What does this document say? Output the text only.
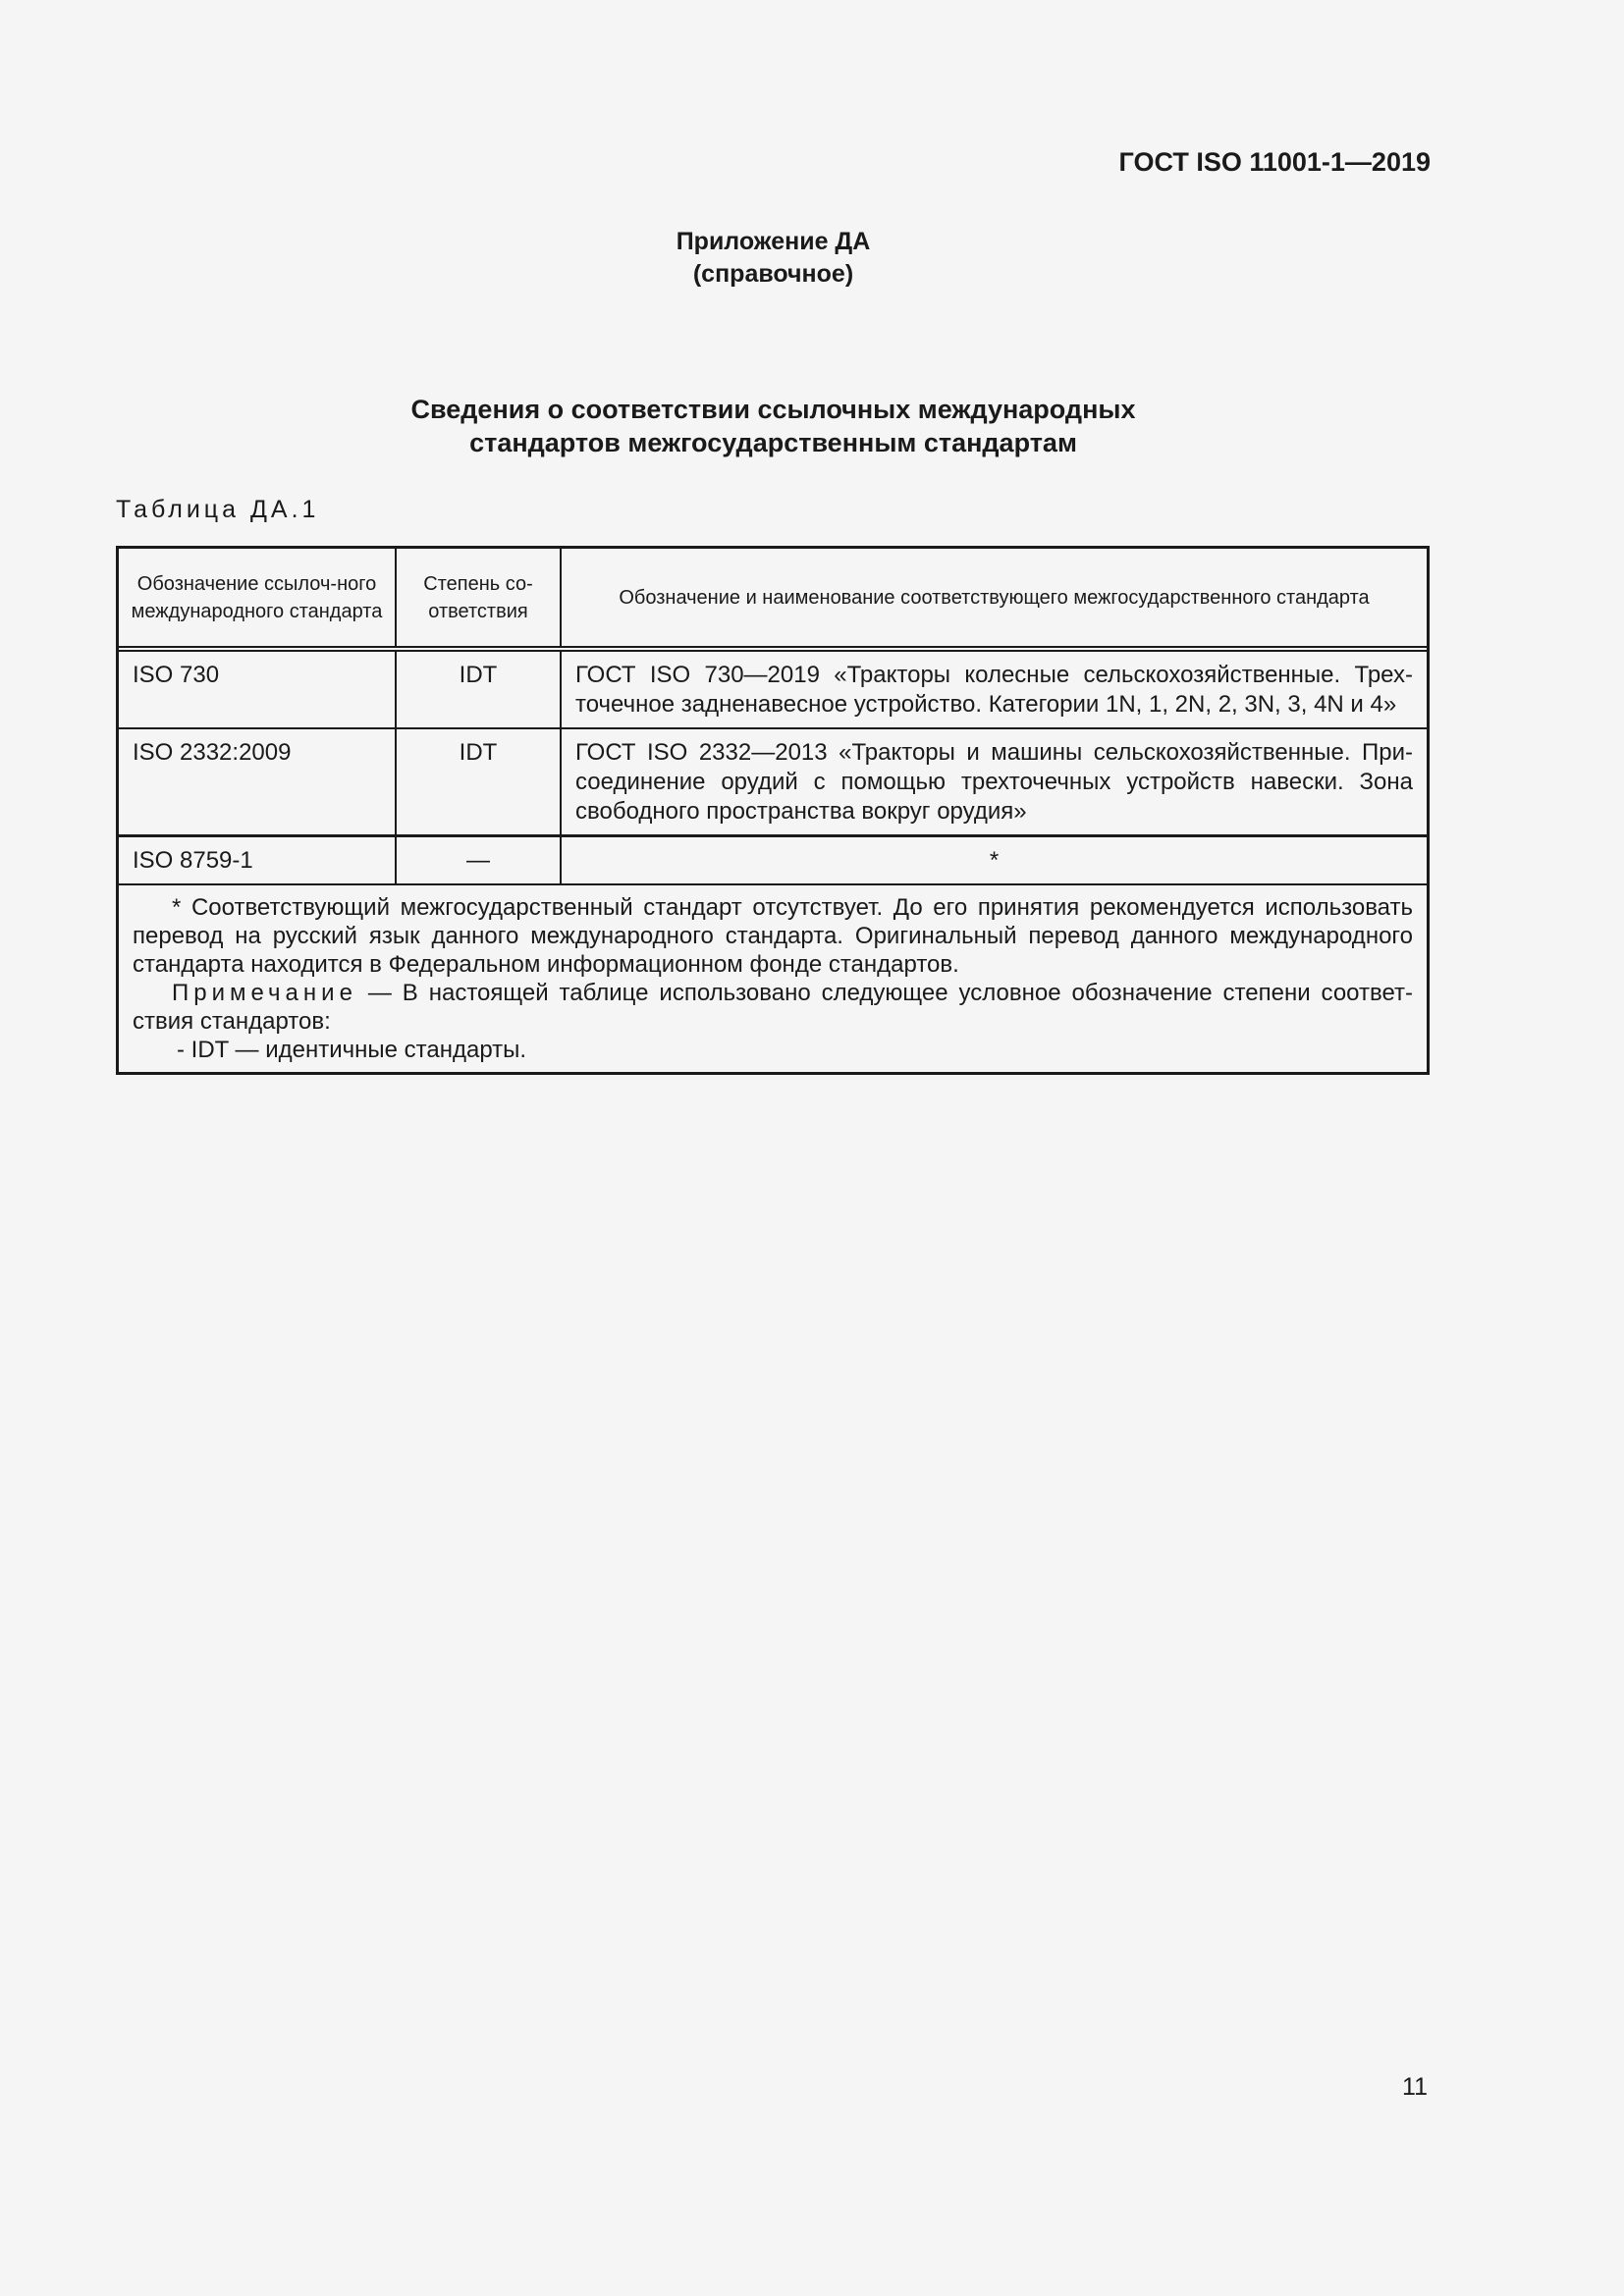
ГОСТ ISO 11001-1—2019
Приложение ДА
(справочное)
Сведения о соответствии ссылочных международных
стандартов межгосударственным стандартам
Таблица ДА.1
Обозначение ссылоч-ного международного стандарта	Степень со-ответствия	Обозначение и наименование соответствующего межгосударственного стандарта
ISO 730	IDT	ГОСТ ISO 730—2019 «Тракторы колесные сельскохозяйственные. Трех-точечное задненавесное устройство. Категории 1N, 1, 2N, 2, 3N, 3, 4N и 4»
ISO 2332:2009	IDT	ГОСТ ISO 2332—2013 «Тракторы и машины сельскохозяйственные. При-соединение орудий с помощью трехточечных устройств навески. Зона свободного пространства вокруг орудия»
ISO 8759-1	—	*

* Соответствующий межгосударственный стандарт отсутствует. До его принятия рекомендуется использовать перевод на русский язык данного международного стандарта. Оригинальный перевод данного международного стандарта находится в Федеральном информационном фонде стандартов.

Примечание — В настоящей таблице использовано следующее условное обозначение степени соответ-ствия стандартов:

- IDT — идентичные стандарты.		
11
